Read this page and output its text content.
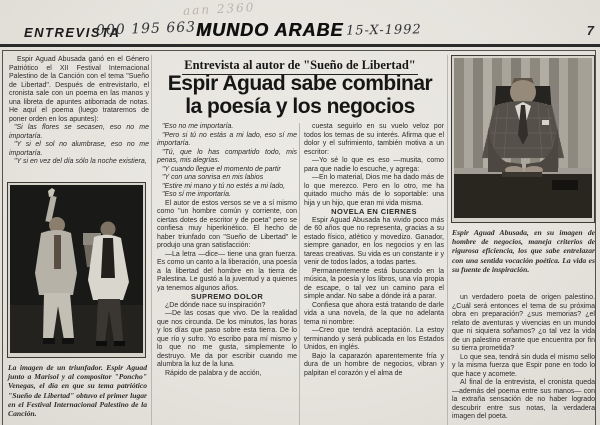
aan 2360
ENTREVISTA
000 195 663 MUNDO ARABE 15-X-1992	7
Entrevista al autor de "Sueño de Libertad"
Espir Aguad sabe combinar
la poesía y los negocios

Espir Aguad Abusada ganó en el Género Patriótico el XII Festival Internacional Palestino de la Canción con el tema "Sueño de Libertad". Después de entrevistarlo, el cronista sale con un poema en las manos y una libreta de apuntes atiborrada de notas. He aquí el poema (luego trataremos de poner orden en los apuntes):

"Si las flores se secasen, eso no me importaría.

"Y si el sol no alumbrase, eso no me importaría.

"Y si en vez del día sólo la noche existiera,

La imagen de un triunfador. Espir Aguad junto a Marisol y al compositor "Poncho" Venegas, el día en que su tema patriótico "Sueño de Libertad" obtuvo el primer lugar en el Festival Internacional Palestino de la Canción.

"Eso no me importaría.

"Pero si tú no estás a mi lado, eso sí me importaría.

"Tú, que lo has compartido todo, mis penas, mis alegrías.

"Y cuando llegue el momento de partir

"Y con una sonrisa en mis labios

"Estire mi mano y tú no estés a mi lado,

"Eso sí me importaría.

El autor de estos versos se ve a sí mismo como "un hombre común y corriente, con ciertas dotes de escritor y de poeta" pero se confiesa muy hiperkinético. El hecho de haber triunfado con "Sueño de Libertad" le produjo una gran satisfacción:

—La letra —dice— tiene una gran fuerza. Es como un canto a la liberación, una poesía a la libertad del hombre en la tierra de Palestina. Le gustó a la juventud y a quienes ya tenemos algunos años.

SUPREMO DOLOR

¿De dónde nace su inspiración?

—De las cosas que vivo. De la realidad que nos circunda. De los minutos, las horas y los días que paso sobre esta tierra. De lo que río y sufro. Yo escribo para mí mismo y lo que no me gusta, simplemente lo destruyo. Me da por escribir cuando me alumbra la luz de la luna.

Rápido de palabra y de acción,

cuesta seguirlo en su vuelo veloz por todos los temas de su interés. Afirma que el dolor y el sufrimiento, también motiva a un escritor:

—Yo sé lo que es eso —musita, como para que nadie lo escuche, y agrega:

—En lo material, Dios me ha dado más de lo que merezco. Pero en lo otro, me ha quitado mucho más de lo soportable: una hija y un hijo, que eran mi vida misma.

NOVELA EN CIERNES

Espir Aguad Abusada ha vivido poco más de 60 años que no representa, gracias a su estado físico, atlético y movedizo. Ganador, siempre ganador, en los negocios y en las tareas creativas. Su vida es un constante ir y venir de todos lados, a todas partes.

Permanentemente está buscando en la música, la poesía y los libros, una vía propia de escape, o tal vez un camino para el simple andar. No sabe a dónde irá a parar.

Confiesa que ahora está tratando de darle vida a una novela, de la que no adelanta tema ni nombre:

—Creo que tendrá aceptación. La estoy terminando y será publicada en los Estados Unidos, en inglés.

Bajo la caparazón aparentemente fría y dura de un hombre de negocios, vibran y palpitan el corazón y el alma de

Espir Aguad Abusada, en su imagen de hombre de negocios, maneja criterios de rigurosa eficiencia, los que sabe entrelazar con una sentida vocación poética. La vida es su fuente de inspiración.

un verdadero poeta de origen palestino. ¿Cuál será entonces el tema de su próxima obra en preparación? ¿sus memorias? ¿el relato de aventuras y vivencias en un mundo que ni siquiera soñamos? ¿o tal vez la vida de un palestino errante que encuentra por fin su tierra prometida?

Lo que sea, tendrá sin duda el mismo sello y la misma fuerza que Espir pone en todo lo que hace y acomete.

Al final de la entrevista, el cronista queda —además del poema entre sus manos— con la extraña sensación de no haber logrado descubrir entre sus notas, la verdadera imagen del poeta.
